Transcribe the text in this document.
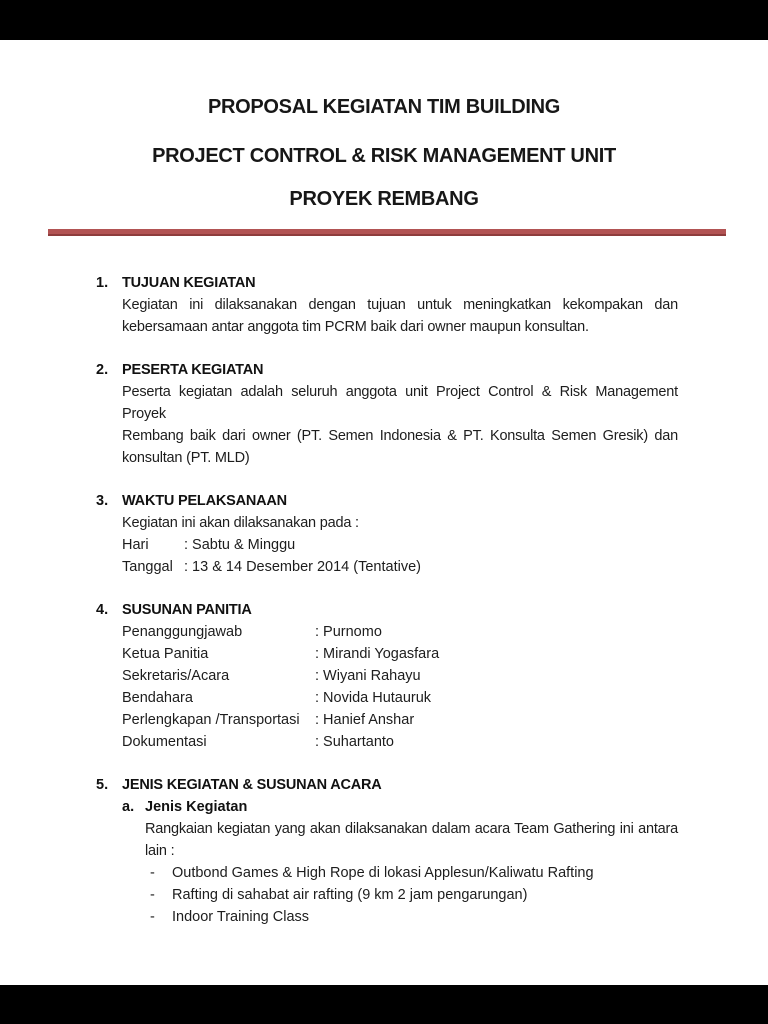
PROPOSAL KEGIATAN TIM BUILDING
PROJECT CONTROL & RISK MANAGEMENT UNIT
PROYEK REMBANG
1. TUJUAN KEGIATAN
Kegiatan ini dilaksanakan dengan tujuan untuk meningkatkan kekompakan dan
kebersamaan antar anggota tim PCRM baik dari owner maupun konsultan.
2. PESERTA KEGIATAN
Peserta kegiatan adalah seluruh anggota unit Project Control & Risk Management Proyek
Rembang baik dari owner (PT. Semen Indonesia & PT. Konsulta Semen Gresik) dan
konsultan (PT. MLD)
3. WAKTU PELAKSANAAN
Kegiatan ini akan dilaksanakan pada :
Hari	: Sabtu & Minggu
Tanggal : 13 & 14 Desember 2014 (Tentative)
4. SUSUNAN PANITIA
Penanggungjawab	: Purnomo
Ketua Panitia	: Mirandi Yogasfara
Sekretaris/Acara	: Wiyani Rahayu
Bendahara	: Novida Hutauruk
Perlengkapan /Transportasi	: Hanief Anshar
Dokumentasi	: Suhartanto
5. JENIS KEGIATAN & SUSUNAN ACARA
a. Jenis Kegiatan
Rangkaian kegiatan yang akan dilaksanakan dalam acara Team Gathering ini antara
lain :
- Outbond Games & High Rope di lokasi Applesun/Kaliwatu Rafting
- Rafting di sahabat air rafting (9 km 2 jam pengarungan)
- Indoor Training Class
